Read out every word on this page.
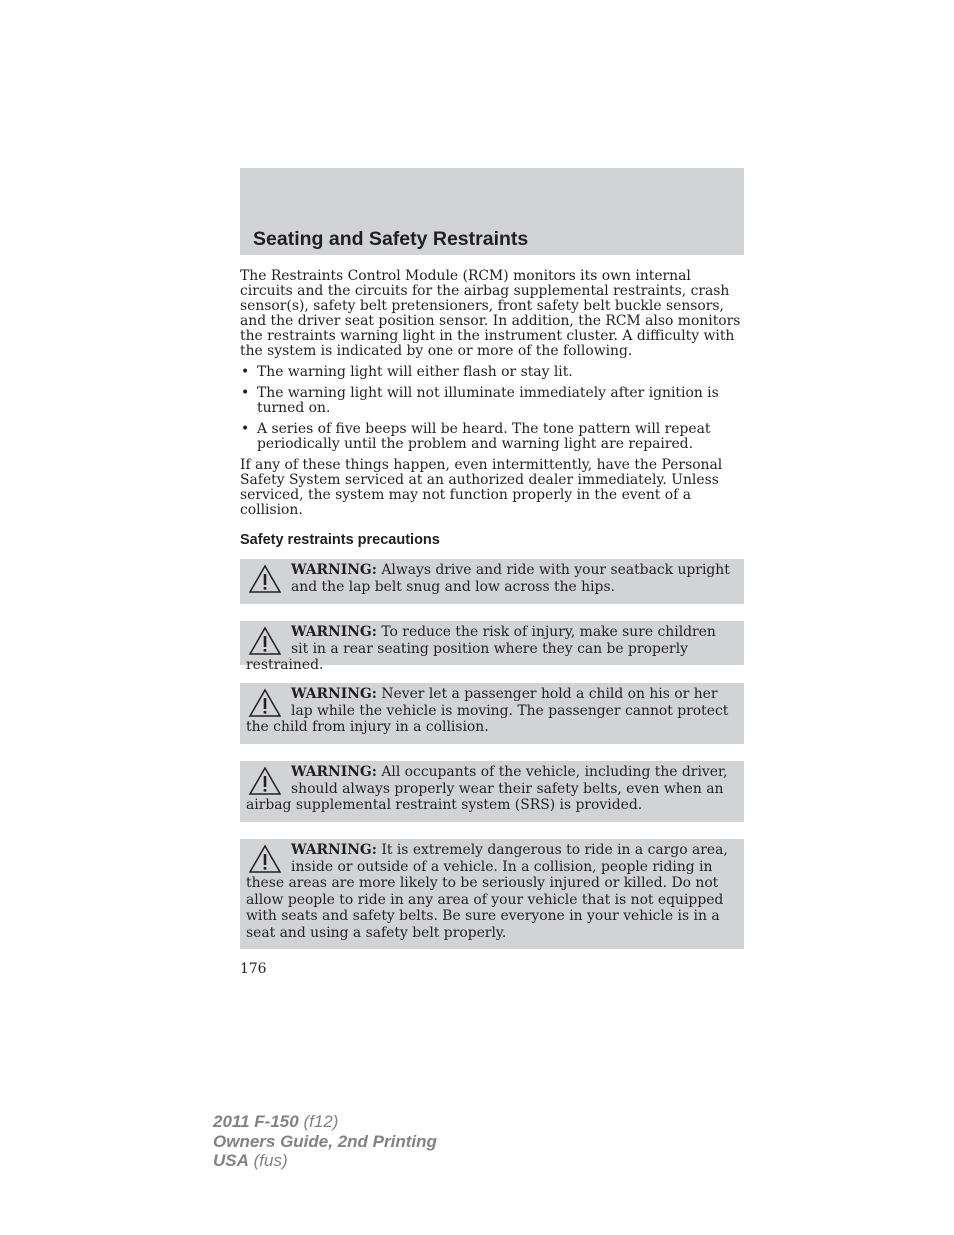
Seating and Safety Restraints

The Restraints Control Module (RCM) monitors its own internal circuits and the circuits for the airbag supplemental restraints, crash sensor(s), safety belt pretensioners, front safety belt buckle sensors, and the driver seat position sensor. In addition, the RCM also monitors the restraints warning light in the instrument cluster. A difficulty with the system is indicated by one or more of the following.

• The warning light will either flash or stay lit.
• The warning light will not illuminate immediately after ignition is turned on.
• A series of five beeps will be heard. The tone pattern will repeat periodically until the problem and warning light are repaired.

If any of these things happen, even intermittently, have the Personal Safety System serviced at an authorized dealer immediately. Unless serviced, the system may not function properly in the event of a collision.

Safety restraints precautions
WARNING: Always drive and ride with your seatback upright and the lap belt snug and low across the hips.
WARNING: To reduce the risk of injury, make sure children sit in a rear seating position where they can be properly restrained.
WARNING: Never let a passenger hold a child on his or her lap while the vehicle is moving. The passenger cannot protect the child from injury in a collision.
WARNING: All occupants of the vehicle, including the driver, should always properly wear their safety belts, even when an airbag supplemental restraint system (SRS) is provided.
WARNING: It is extremely dangerous to ride in a cargo area, inside or outside of a vehicle. In a collision, people riding in these areas are more likely to be seriously injured or killed. Do not allow people to ride in any area of your vehicle that is not equipped with seats and safety belts. Be sure everyone in your vehicle is in a seat and using a safety belt properly.
176
2011 F-150 (f12)
Owners Guide, 2nd Printing
USA (fus)
